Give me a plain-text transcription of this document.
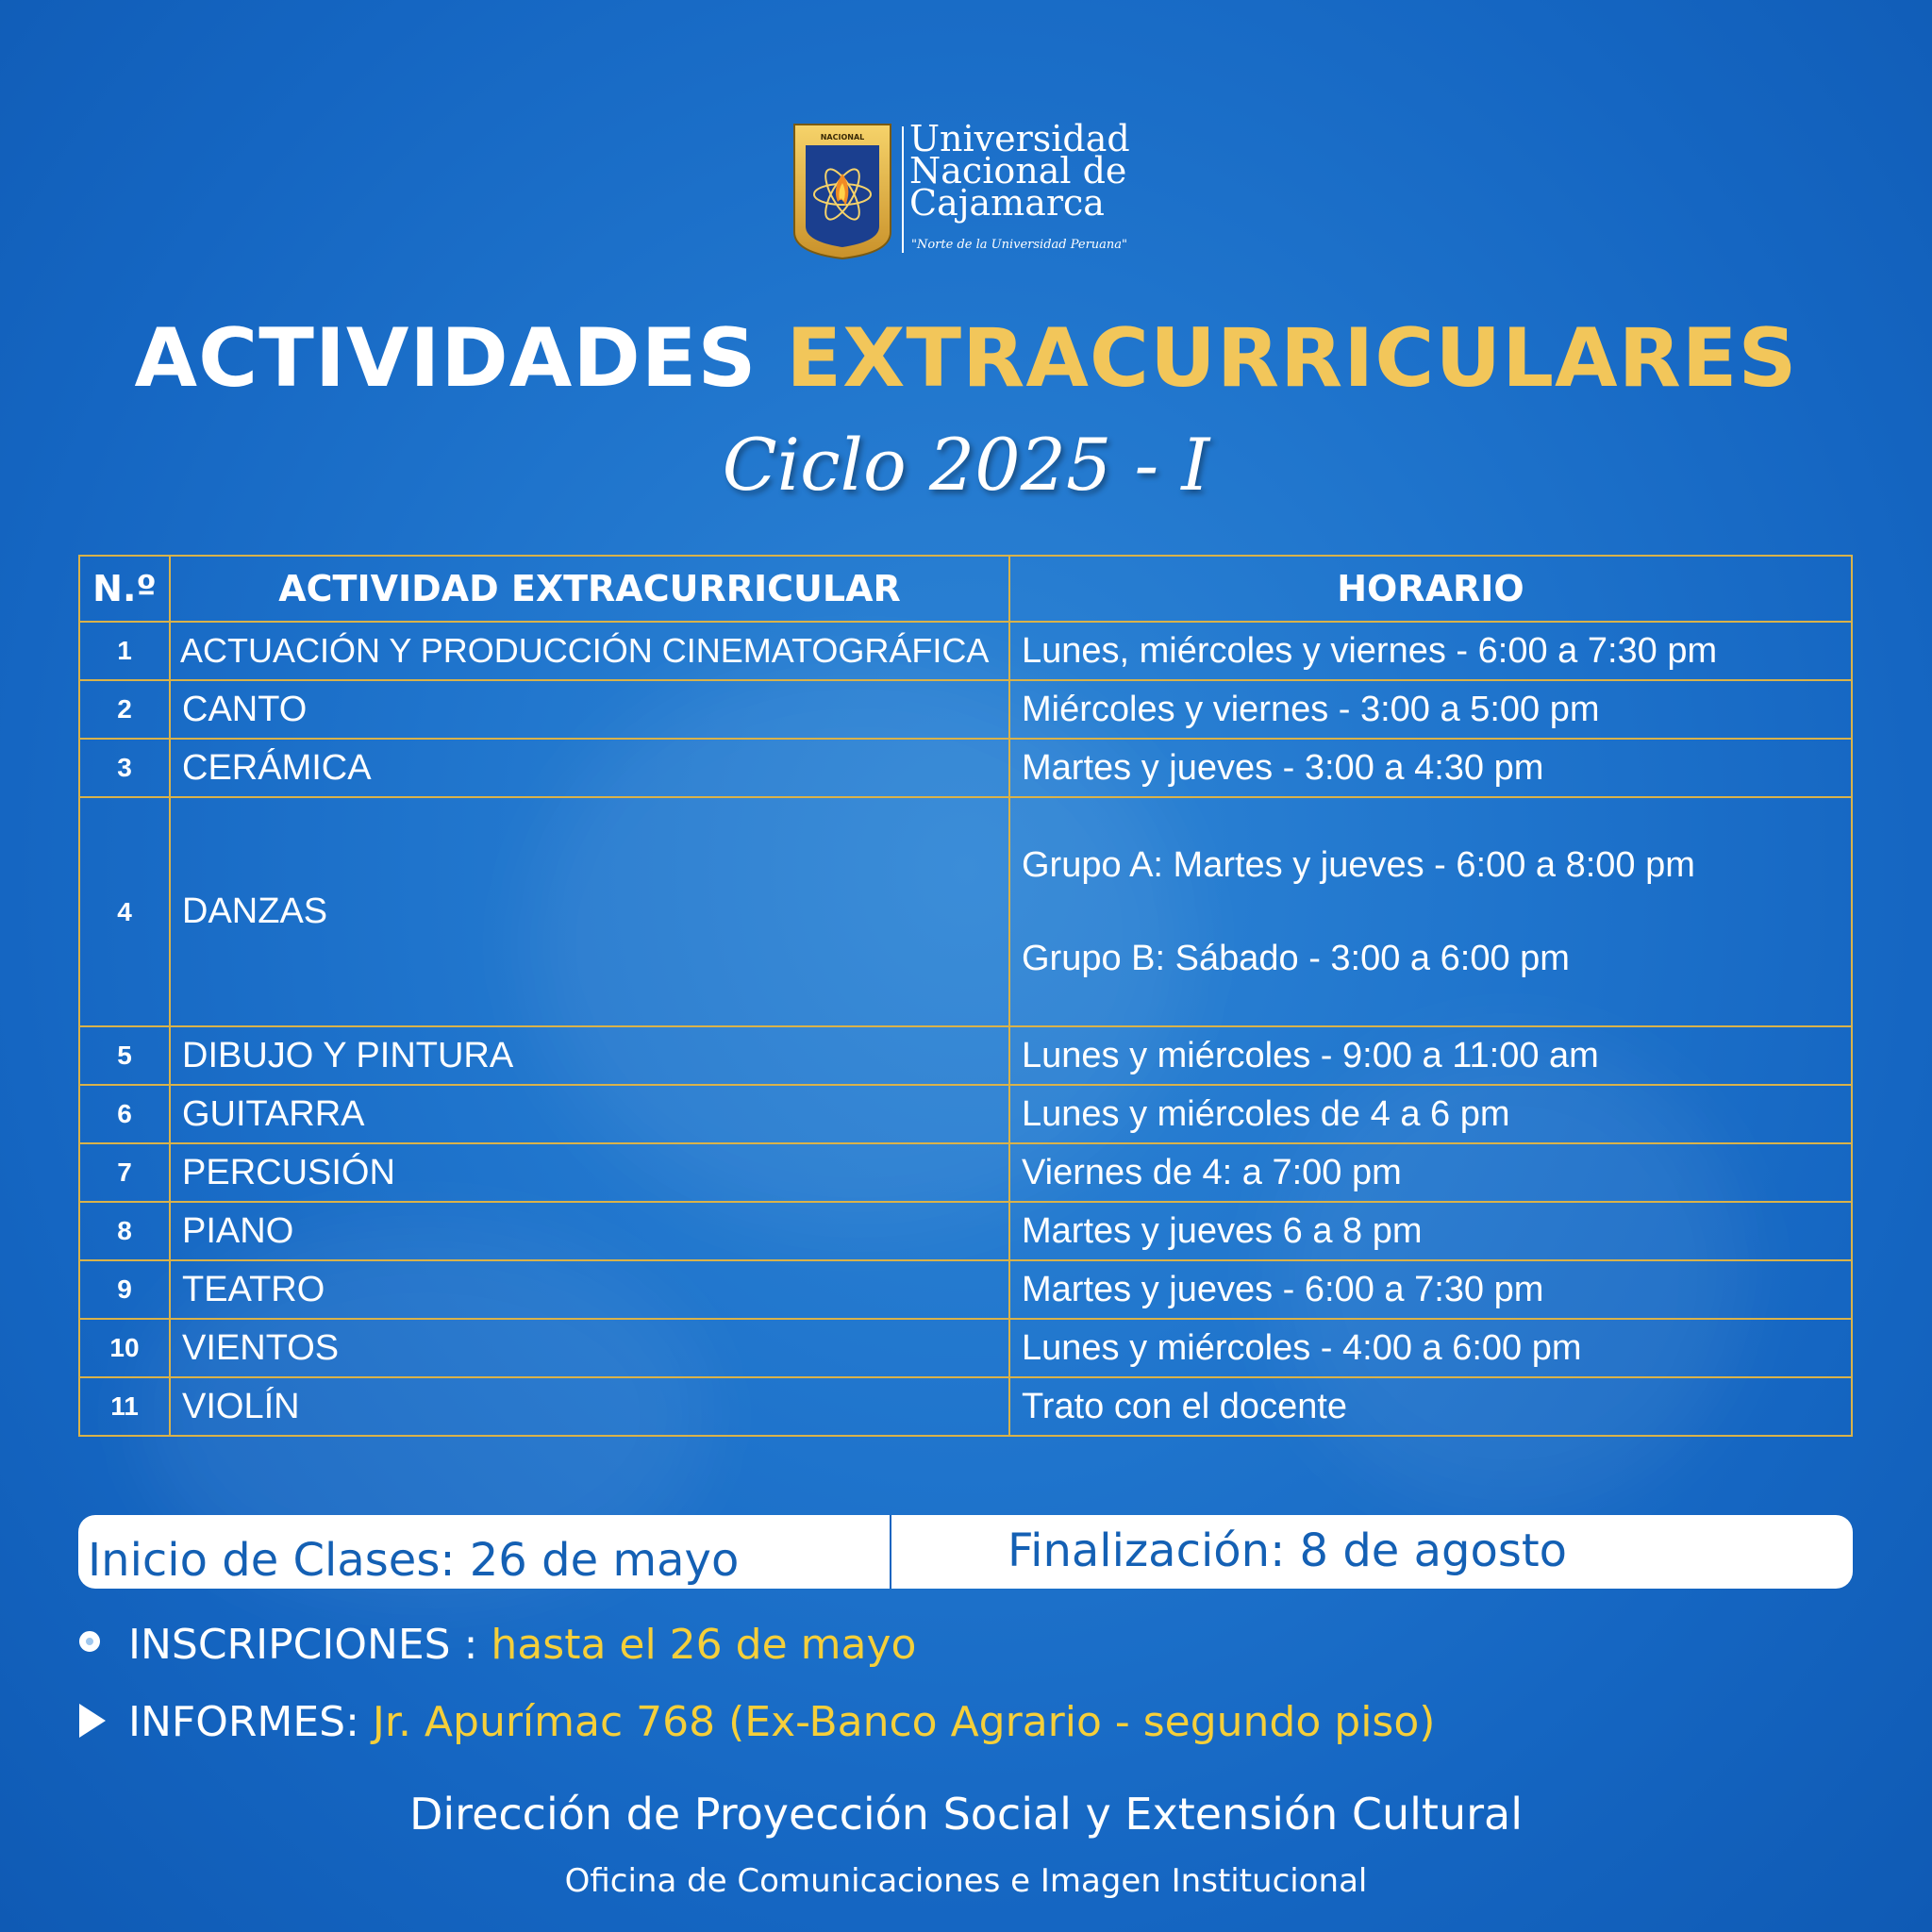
NACIONAL Universidad
Nacional de
Cajamarca
"Norte de la Universidad Peruana"
ACTIVIDADES EXTRACURRICULARES
Ciclo 2025 - I
N.º	ACTIVIDAD EXTRACURRICULAR	HORARIO
1	ACTUACIÓN Y PRODUCCIÓN CINEMATOGRÁFICA	Lunes, miércoles y viernes - 6:00 a 7:30 pm
2	CANTO	Miércoles y viernes - 3:00 a 5:00 pm
3	CERÁMICA	Martes y jueves - 3:00 a 4:30 pm
4	DANZAS	Grupo A: Martes y jueves - 6:00 a 8:00 pm
Grupo B: Sábado - 3:00 a 6:00 pm

5	DIBUJO Y PINTURA	Lunes y miércoles - 9:00 a 11:00 am
6	GUITARRA	Lunes y miércoles de 4 a 6 pm
7	PERCUSIÓN	Viernes de 4: a 7:00 pm
8	PIANO	Martes y jueves 6 a 8 pm
9	TEATRO	Martes y jueves - 6:00 a 7:30 pm
10	VIENTOS	Lunes y miércoles - 4:00 a 6:00 pm
11	VIOLÍN	Trato con el docente
Inicio de Clases: 26 de mayo	Finalización: 8 de agosto
INSCRIPCIONES : hasta el 26 de mayo
INFORMES: Jr. Apurímac 768 (Ex-Banco Agrario - segundo piso)
Dirección de Proyección Social y Extensión Cultural
Oficina de Comunicaciones e Imagen Institucional
